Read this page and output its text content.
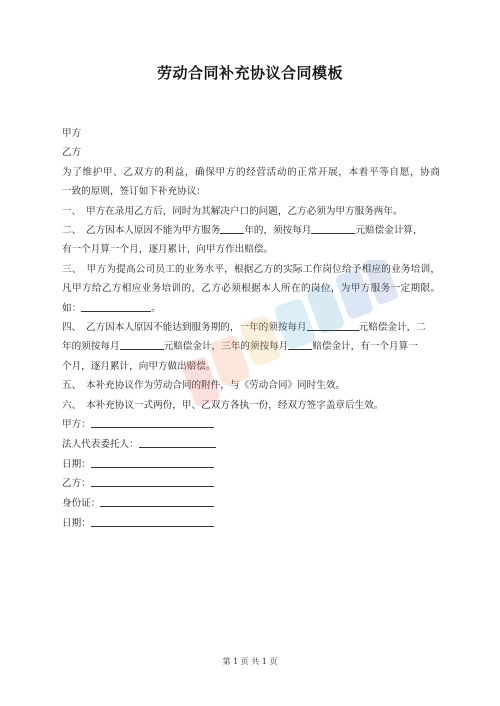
劳动合同补充协议合同模板
甲方
乙方
为了维护甲、乙双方的利益，确保甲方的经营活动的正常开展，本着平等自愿，协商
一致的原则，签订如下补充协议：
一、　甲方在录用乙方后，同时为其解决户口的问题，乙方必须为甲方服务两年。
二、　乙方因本人原因不能为甲方服务	年的，须按每月	元赔偿金计算，
有一个月算一个月，逐月累计，向甲方作出赔偿。
三、　甲方为提高公司员工的业务水平，根据乙方的实际工作岗位给予相应的业务培训，
凡甲方给乙方相应业务培训的，乙方必须根据本人所在的岗位，为甲方服务一定期限。
如：	。
四、　乙方因本人原因不能达到服务期的，一年的须按每月	元赔偿金计，二
年的须按每月	元赔偿金计，三年的须按每月	赔偿金计，有一个月算一
个月，逐月累计，向甲方做出赔偿。
五、　本补充协议作为劳动合同的附件，与《劳动合同》同时生效。
六、　本补充协议一式两份，甲、乙双方各执一份，经双方签字盖章后生效。
甲方：
法人代表委托人：
日期：
乙方：
身份证：
日期：
第 1 页 共 1 页
